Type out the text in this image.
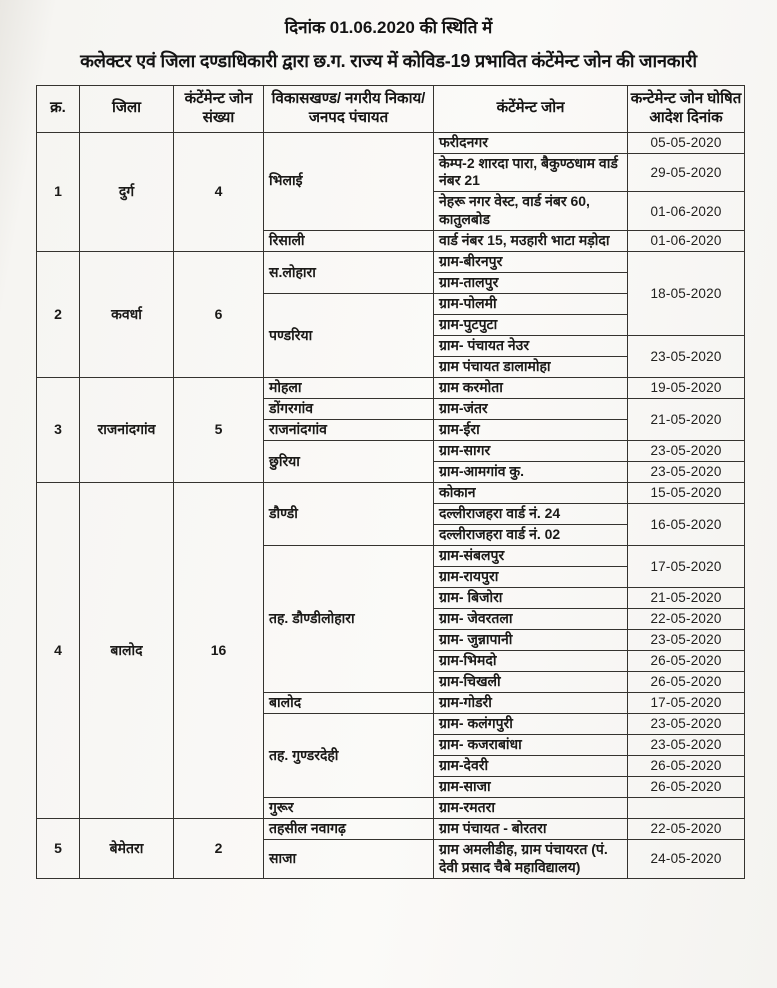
दिनांक 01.06.2020 की स्थिति में
कलेक्टर एवं जिला दण्डाधिकारी द्वारा छ.ग. राज्य में कोविड-19 प्रभावित कंटेंमेन्ट जोन की जानकारी
क्र.	जिला	कंटेंमेन्ट जोन संख्या	विकासखण्ड/ नगरीय निकाय/ जनपद पंचायत	कंटेंमेन्ट जोन	कन्टेमेन्ट जोन घोषित आदेश दिनांक
1	दुर्ग	4	भिलाई	फरीदनगर	05-05-2020
				केम्प-2 शारदा पारा, बैकुण्ठधाम वार्ड नंबर 21	29-05-2020
				नेहरू नगर वेस्ट, वार्ड नंबर 60, कातुलबोड	01-06-2020
			रिसाली	वार्ड नंबर 15, मउहारी भाटा मड़ोदा	01-06-2020
2	कवर्धा	6	स.लोहारा	ग्राम-बीरनपुर	18-05-2020
				ग्राम-तालपुर	
			पण्डरिया	ग्राम-पोलमी	
				ग्राम-पुटपुटा	
				ग्राम- पंचायत नेउर	23-05-2020
				ग्राम पंचायत डालामोहा	
3	राजनांदगांव	5	मोहला	ग्राम करमोता	19-05-2020
			डोंगरगांव	ग्राम-जंतर	21-05-2020
			राजनांदगांव	ग्राम-ईरा	
			छुरिया	ग्राम-सागर	23-05-2020
				ग्राम-आमगांव कु.	23-05-2020
4	बालोद	16	डौण्डी	कोकान	15-05-2020
				दल्लीराजहरा वार्ड नं. 24	16-05-2020
				दल्लीराजहरा वार्ड नं. 02	
			तह. डौण्डीलोहारा	ग्राम-संबलपुर	17-05-2020
				ग्राम-रायपुरा	
				ग्राम- बिजोरा	21-05-2020
				ग्राम- जेवरतला	22-05-2020
				ग्राम- जुन्नापानी	23-05-2020
				ग्राम-भिमदो	26-05-2020
				ग्राम-चिखली	26-05-2020
			बालोद	ग्राम-गोडरी	17-05-2020
			तह. गुण्डरदेही	ग्राम- कलंगपुरी	23-05-2020
				ग्राम- कजराबांधा	23-05-2020
				ग्राम-देवरी	26-05-2020
				ग्राम-साजा	26-05-2020
			गुरूर	ग्राम-रमतरा	
5	बेमेतरा	2	तहसील नवागढ़	ग्राम पंचायत - बोरतरा	22-05-2020
			साजा	ग्राम अमलीडीह, ग्राम पंचायरत (पं. देवी प्रसाद चैबे महाविद्यालय)	24-05-2020
